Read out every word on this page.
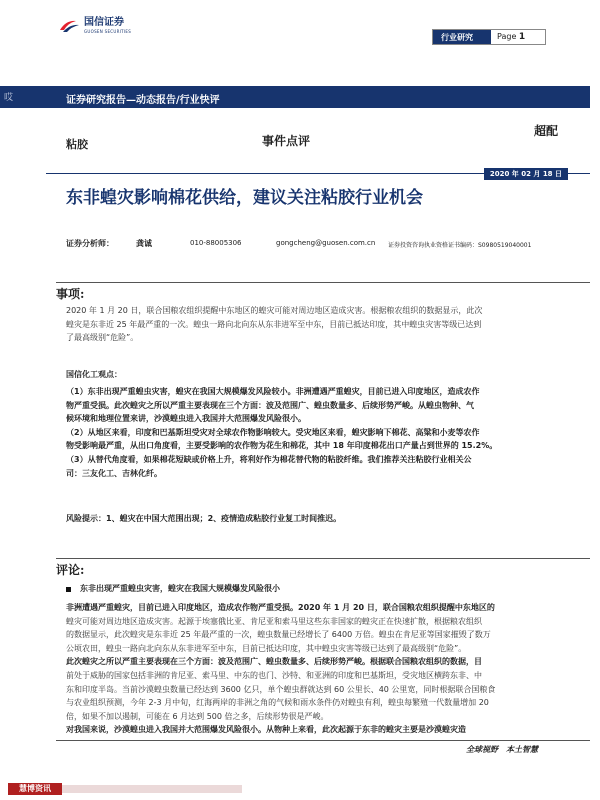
国信证券
GUOSEN SECURITIES
行业研究	Page 1
哎	证券研究报告—动态报告/行业快评
粘胶	事件点评
超配
2020 年 02 月 18 日
东非蝗灾影响棉花供给，建议关注粘胶行业机会
证券分析师：	龚诚	010-88005306	gongcheng@guosen.com.cn 证券投资咨询执业资格证书编码：S0980519040001
事项:
2020 年 1 月 20 日，联合国粮农组织提醒中东地区的蝗灾可能对周边地区造成灾害。根据粮农组织的数据显示，此次
蝗灾是东非近 25 年最严重的一次。蝗虫一路向北向东从东非进军至中东，目前已抵达印度，其中蝗虫灾害等级已达到
了最高级别“危险”。
国信化工观点：
（1）东非出现严重蝗虫灾害，蝗灾在我国大规模爆发风险较小。非洲遭遇严重蝗灾，目前已进入印度地区，造成农作
物严重受损。此次蝗灾之所以严重主要表现在三个方面：波及范围广、蝗虫数量多、后续形势严峻。从蝗虫物种、气
候环境和地理位置来讲，沙漠蝗虫进入我国并大范围爆发风险很小。
（2）从地区来看，印度和巴基斯坦受灾对全球农作物影响较大。受灾地区来看，蝗灾影响下棉花、高粱和小麦等农作
物受影响最严重，从出口角度看，主要受影响的农作物为花生和棉花，其中 18 年印度棉花出口产量占到世界的 15.2%。
（3）从替代角度看，如果棉花短缺或价格上升，将利好作为棉花替代物的粘胶纤维。我们推荐关注粘胶行业相关公
司：三友化工、吉林化纤。
风险提示：1、蝗灾在中国大范围出现；2、疫情造成粘胶行业复工时间推迟。
评论:
东非出现严重蝗虫灾害，蝗灾在我国大规模爆发风险很小
非洲遭遇严重蝗灾，目前已进入印度地区，造成农作物严重受损。2020 年 1 月 20 日，联合国粮农组织提醒中东地区的
蝗灾可能对周边地区造成灾害。起源于埃塞俄比亚、肯尼亚和索马里这些东非国家的蝗灾正在快速扩散，根据粮农组织
的数据显示，此次蝗灾是东非近 25 年最严重的一次，蝗虫数量已经增长了 6400 万倍。蝗虫在肯尼亚等国家摧毁了数万
公顷农田，蝗虫一路向北向东从东非进军至中东，目前已抵达印度，其中蝗虫灾害等级已达到了最高级别“危险”。
此次蝗灾之所以严重主要表现在三个方面：波及范围广、蝗虫数量多、后续形势严峻。根据联合国粮农组织的数据，目
前处于威胁的国家包括非洲的肯尼亚、索马里、中东的也门、沙特、和亚洲的印度和巴基斯坦，受灾地区横跨东非、中
东和印度半岛。当前沙漠蝗虫数量已经达到 3600 亿只，单个蝗虫群就达到 60 公里长、40 公里宽，同时根据联合国粮食
与农业组织预测，今年 2-3 月中旬，红海两岸的非洲之角的气候和雨水条件仍对蝗虫有利，蝗虫每繁殖一代数量增加 20
倍，如果不加以遏制，可能在 6 月达到 500 倍之多，后续形势很是严峻。
对我国来说，沙漠蝗虫进入我国并大范围爆发风险很小。从物种上来看，此次起源于东非的蝗灾主要是沙漠蝗灾造
全球视野　本土智慧
慧博资讯
